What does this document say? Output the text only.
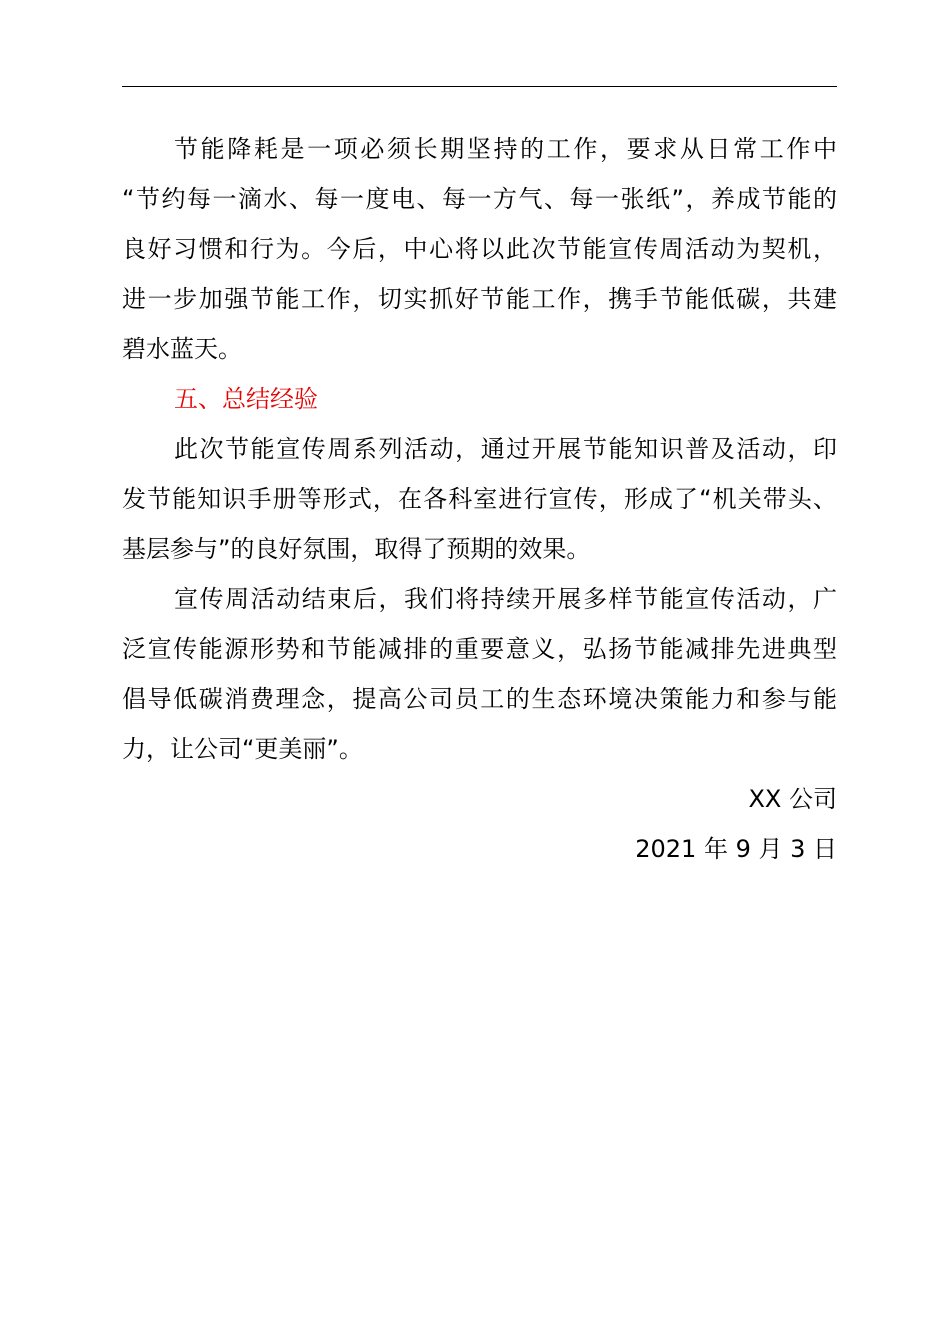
节能降耗是一项必须长期坚持的工作，要求从日常工作中
“节约每一滴水、每一度电、每一方气、每一张纸”，养成节能的
良好习惯和行为。今后，中心将以此次节能宣传周活动为契机，
进一步加强节能工作，切实抓好节能工作，携手节能低碳，共建
碧水蓝天。
五、总结经验
此次节能宣传周系列活动，通过开展节能知识普及活动，印
发节能知识手册等形式，在各科室进行宣传，形成了“机关带头、
基层参与”的良好氛围，取得了预期的效果。
宣传周活动结束后，我们将持续开展多样节能宣传活动，广
泛宣传能源形势和节能减排的重要意义，弘扬节能减排先进典型
倡导低碳消费理念，提高公司员工的生态环境决策能力和参与能
力，让公司“更美丽”。
XX 公司
2021 年 9 月 3 日
